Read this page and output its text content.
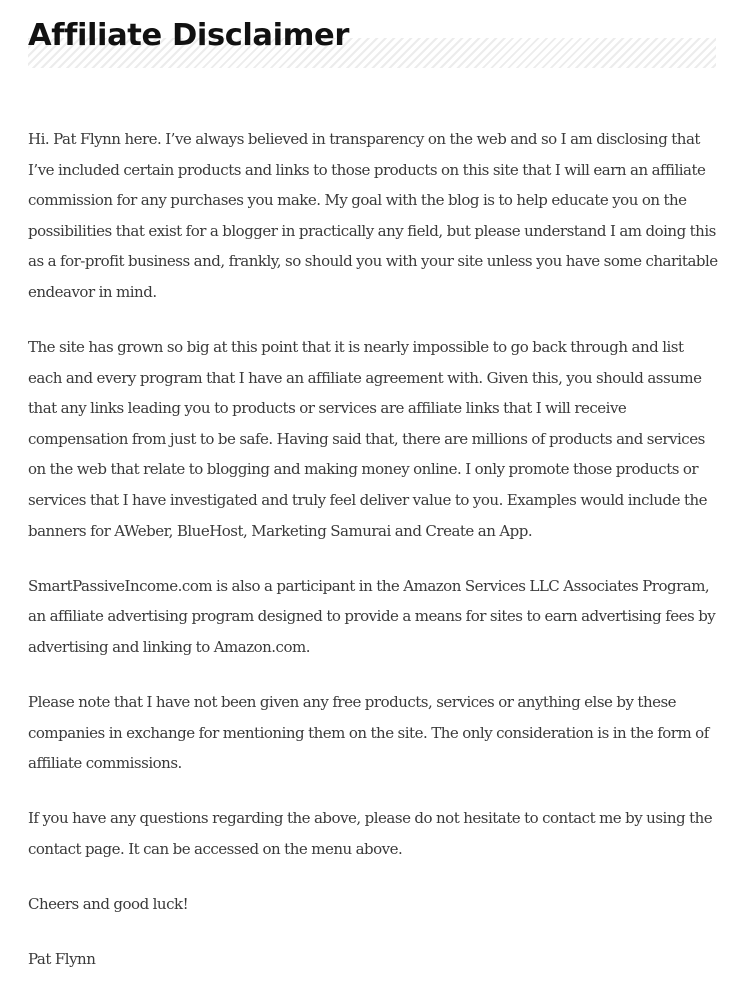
Affiliate Disclaimer

Hi. Pat Flynn here. I’ve always believed in transparency on the web and so I am disclosing that I’ve included certain products and links to those products on this site that I will earn an affiliate commission for any purchases you make. My goal with the blog is to help educate you on the possibilities that exist for a blogger in practically any field, but please understand I am doing this as a for-profit business and, frankly, so should you with your site unless you have some charitable endeavor in mind.

The site has grown so big at this point that it is nearly impossible to go back through and list each and every program that I have an affiliate agreement with. Given this, you should assume that any links leading you to products or services are affiliate links that I will receive compensation from just to be safe. Having said that, there are millions of products and services on the web that relate to blogging and making money online. I only promote those products or services that I have investigated and truly feel deliver value to you. Examples would include the banners for AWeber, BlueHost, Marketing Samurai and Create an App.

SmartPassiveIncome.com is also a participant in the Amazon Services LLC Associates Program, an affiliate advertising program designed to provide a means for sites to earn advertising fees by advertising and linking to Amazon.com.

Please note that I have not been given any free products, services or anything else by these companies in exchange for mentioning them on the site. The only consideration is in the form of affiliate commissions.

If you have any questions regarding the above, please do not hesitate to contact me by using the contact page. It can be accessed on the menu above.

Cheers and good luck!

Pat Flynn
